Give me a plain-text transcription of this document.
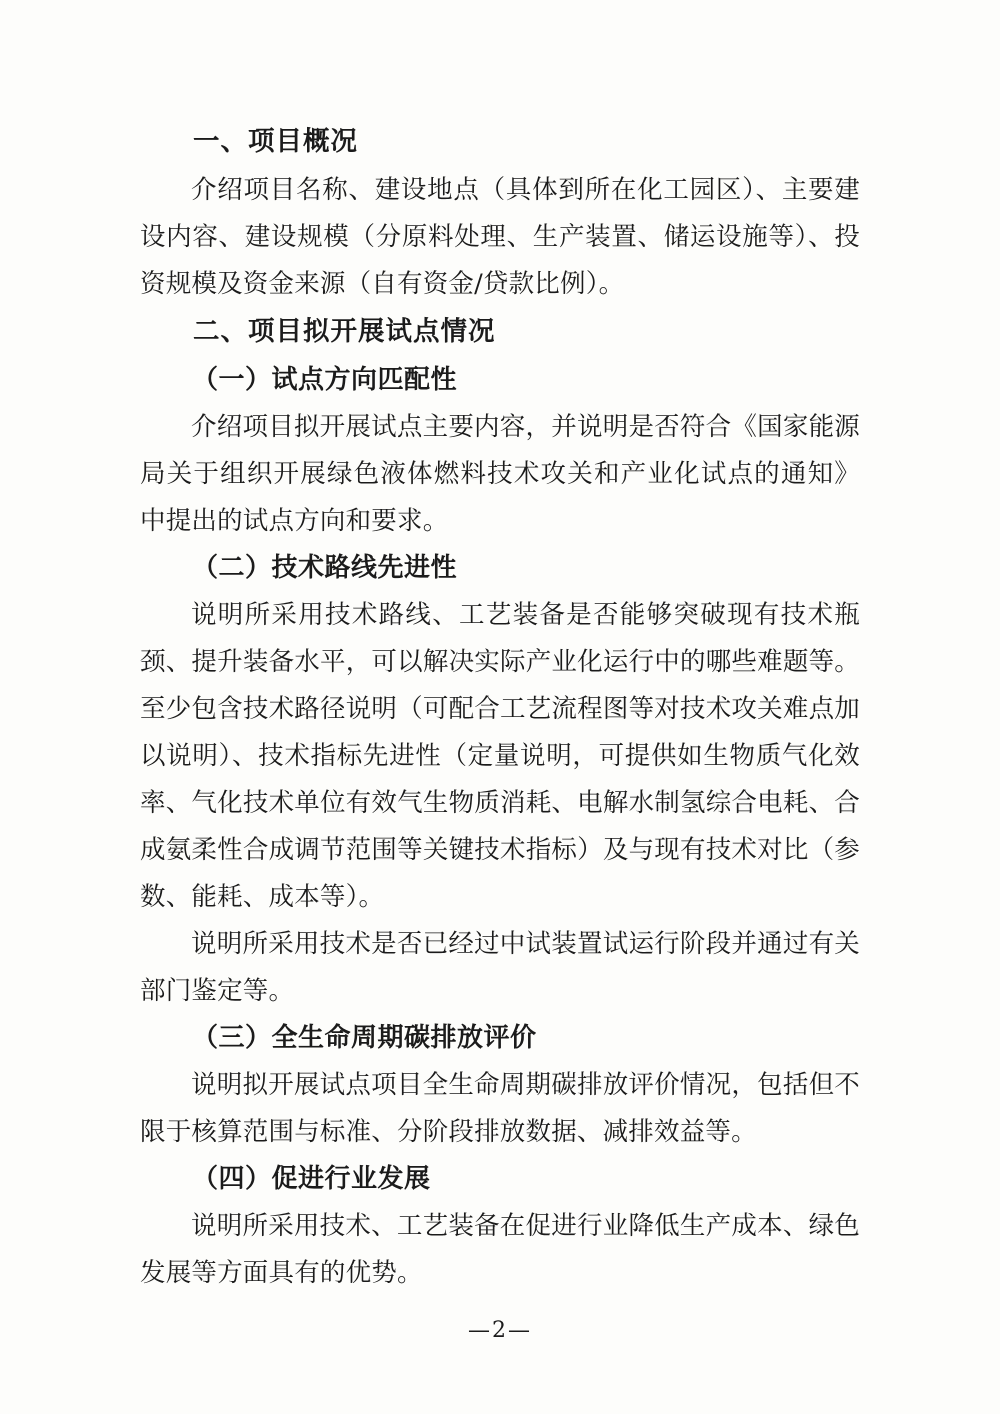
一、项目概况

介绍项目名称、建设地点（具体到所在化工园区）、主要建设内容、建设规模（分原料处理、生产装置、储运设施等）、投资规模及资金来源（自有资金/贷款比例）。

二、项目拟开展试点情况

（一）试点方向匹配性

介绍项目拟开展试点主要内容，并说明是否符合《国家能源局关于组织开展绿色液体燃料技术攻关和产业化试点的通知》 中提出的试点方向和要求。

（二）技术路线先进性

说明所采用技术路线、工艺装备是否能够突破现有技术瓶颈、提升装备水平，可以解决实际产业化运行中的哪些难题等。至少包含技术路径说明（可配合工艺流程图等对技术攻关难点加以说明）、技术指标先进性（定量说明，可提供如生物质气化效率、气化技术单位有效气生物质消耗、电解水制氢综合电耗、合成氨柔性合成调节范围等关键技术指标）及与现有技术对比（参数、能耗、成本等）。

说明所采用技术是否已经过中试装置试运行阶段并通过有关部门鉴定等。

（三）全生命周期碳排放评价

说明拟开展试点项目全生命周期碳排放评价情况，包括但不限于核算范围与标准、分阶段排放数据、减排效益等。

（四）促进行业发展

说明所采用技术、工艺装备在促进行业降低生产成本、绿色发展等方面具有的优势。

—2—
